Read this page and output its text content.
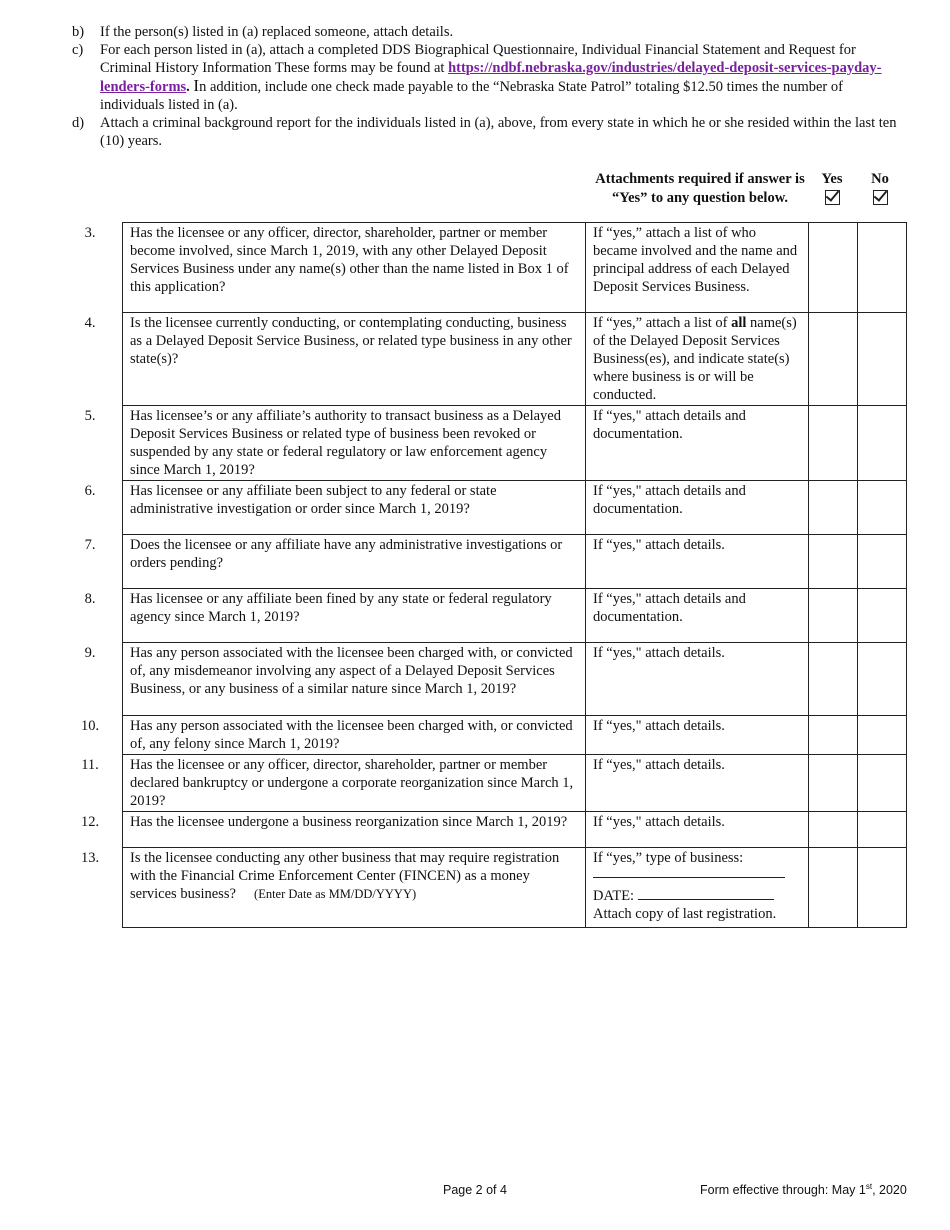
b) If the person(s) listed in (a) replaced someone, attach details.
c) For each person listed in (a), attach a completed DDS Biographical Questionnaire, Individual Financial Statement and Request for Criminal History Information These forms may be found at https://ndbf.nebraska.gov/industries/delayed-deposit-services-payday-lenders-forms. In addition, include one check made payable to the “Nebraska State Patrol” totaling $12.50 times the number of individuals listed in (a).
d) Attach a criminal background report for the individuals listed in (a), above, from every state in which he or she resided within the last ten (10) years.
Attachments required if answer is “Yes” to any question below.
Yes	No
3.	Has the licensee or any officer, director, shareholder, partner or member become involved, since March 1, 2019, with any other Delayed Deposit Services Business under any name(s) other than the name listed in Box 1 of this application?	If “yes,” attach a list of who became involved and the name and principal address of each Delayed Deposit Services Business.		
4.	Is the licensee currently conducting, or contemplating conducting, business as a Delayed Deposit Service Business, or related type business in any other state(s)?	If “yes,” attach a list of all name(s) of the Delayed Deposit Services Business(es), and indicate state(s) where business is or will be conducted.		
5.	Has licensee’s or any affiliate’s authority to transact business as a Delayed Deposit Services Business or related type of business been revoked or suspended by any state or federal regulatory or law enforcement agency since March 1, 2019?	If “yes," attach details and documentation.		
6.	Has licensee or any affiliate been subject to any federal or state administrative investigation or order since March 1, 2019?	If “yes," attach details and documentation.		
7.	Does the licensee or any affiliate have any administrative investigations or orders pending?	If “yes," attach details.		
8.	Has licensee or any affiliate been fined by any state or federal regulatory agency since March 1, 2019?	If “yes," attach details and documentation.		
9.	Has any person associated with the licensee been charged with, or convicted of, any misdemeanor involving any aspect of a Delayed Deposit Services Business, or any business of a similar nature since March 1, 2019?	If “yes," attach details.		
10.	Has any person associated with the licensee been charged with, or convicted of, any felony since March 1, 2019?	If “yes," attach details.		
11.	Has the licensee or any officer, director, shareholder, partner or member declared bankruptcy or undergone a corporate reorganization since March 1, 2019?	If “yes," attach details.		
12.	Has the licensee undergone a business reorganization since March 1, 2019?	If “yes," attach details.		
13.	Is the licensee conducting any other business that may require registration with the Financial Crime Enforcement Center (FINCEN) as a money services business? (Enter Date as MM/DD/YYYY)	If “yes,” type of business:
DATE:
Attach copy of last registration.		

Page 2 of 4	Form effective through: May 1st, 2020
